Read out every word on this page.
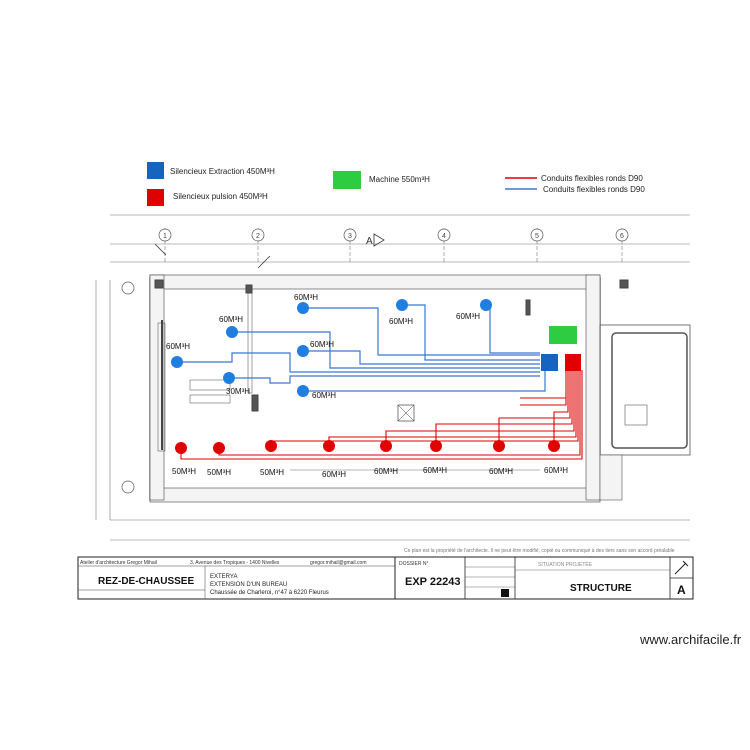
Silencieux Extraction 450M³H
Silencieux pulsion 450M³H
Machine 550m³H	Conduits flexibles ronds D90
Conduits flexibles ronds D90
1	2	3	4	5	6
A
60M³H
60M³H
60M³H
60M³H
60M³H
30M³H	60M³H
60M³H
50M³H 50M³H	50M³H	60M³H	60M³H	60M³H	60M³H	60M³H
Ce plan est la propriété de l'architecte. Il ne peut être modifié, copié ou communiqué à des tiers sans son accord préalable
Atelier d'architecture Gregor Mihail	3, Avenue des Tropiques - 1400 Nivelles	gregor.mihail@gmail.com
REZ-DE-CHAUSSEE	EXTERYA
EXTENSION D'UN BUREAU
Chaussée de Charleroi, n°47 à 6220 Fleurus
DOSSIER N°
EXP 22243
SITUATION PROJETÉE
STRUCTURE	A
www.archifacile.fr
